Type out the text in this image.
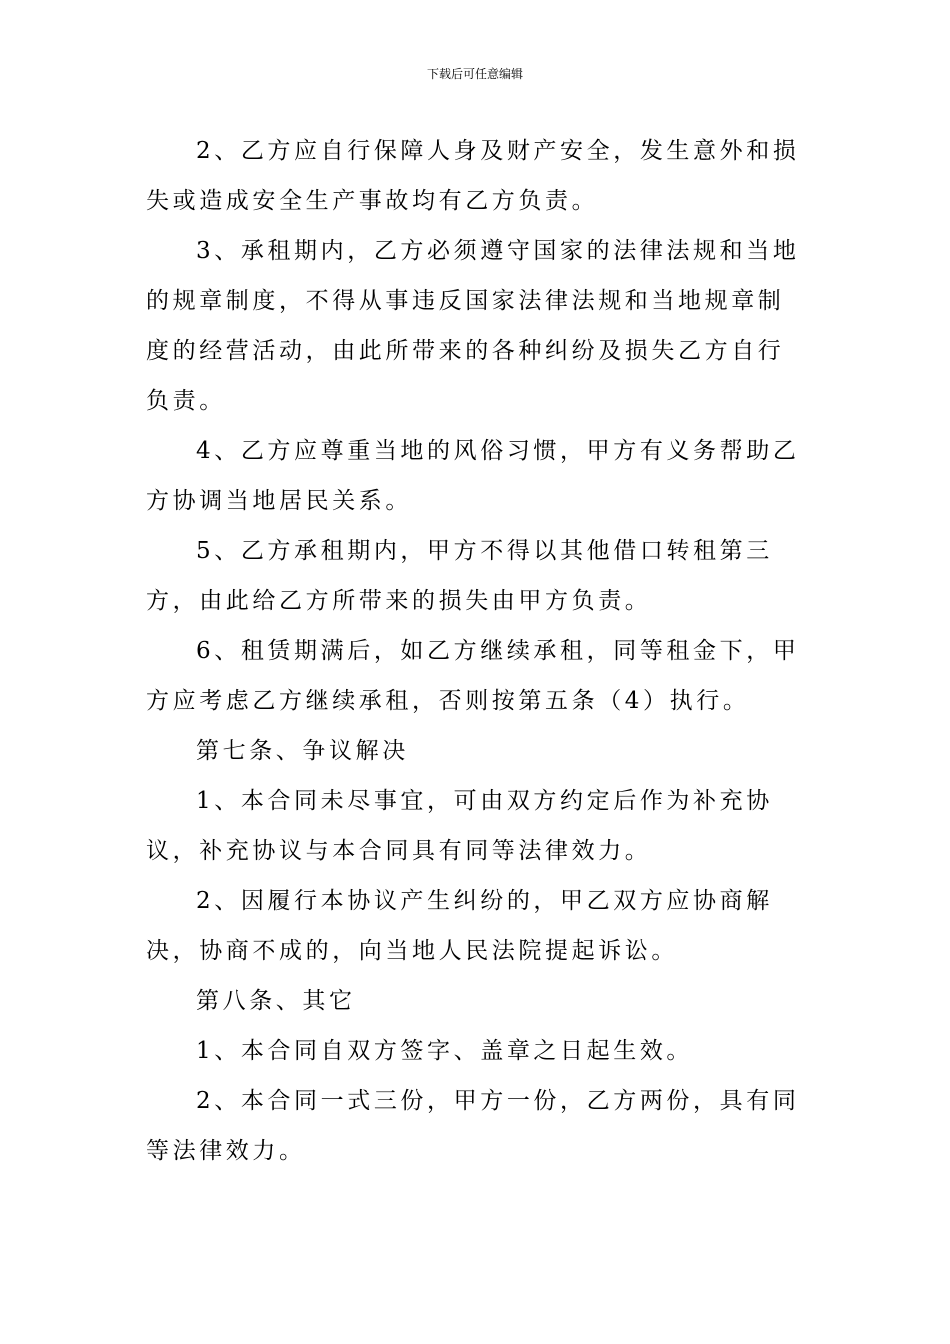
下载后可任意编辑

2、乙方应自行保障人身及财产安全，发生意外和损失或造成安全生产事故均有乙方负责。

3、承租期内，乙方必须遵守国家的法律法规和当地的规章制度，不得从事违反国家法律法规和当地规章制度的经营活动，由此所带来的各种纠纷及损失乙方自行负责。

4、乙方应尊重当地的风俗习惯，甲方有义务帮助乙方协调当地居民关系。

5、乙方承租期内，甲方不得以其他借口转租第三方，由此给乙方所带来的损失由甲方负责。

6、租赁期满后，如乙方继续承租，同等租金下，甲方应考虑乙方继续承租，否则按第五条（4）执行。

第七条、争议解决

1、本合同未尽事宜，可由双方约定后作为补充协议，补充协议与本合同具有同等法律效力。

2、因履行本协议产生纠纷的，甲乙双方应协商解决，协商不成的，向当地人民法院提起诉讼。

第八条、其它

1、本合同自双方签字、盖章之日起生效。

2、本合同一式三份，甲方一份，乙方两份，具有同等法律效力。
